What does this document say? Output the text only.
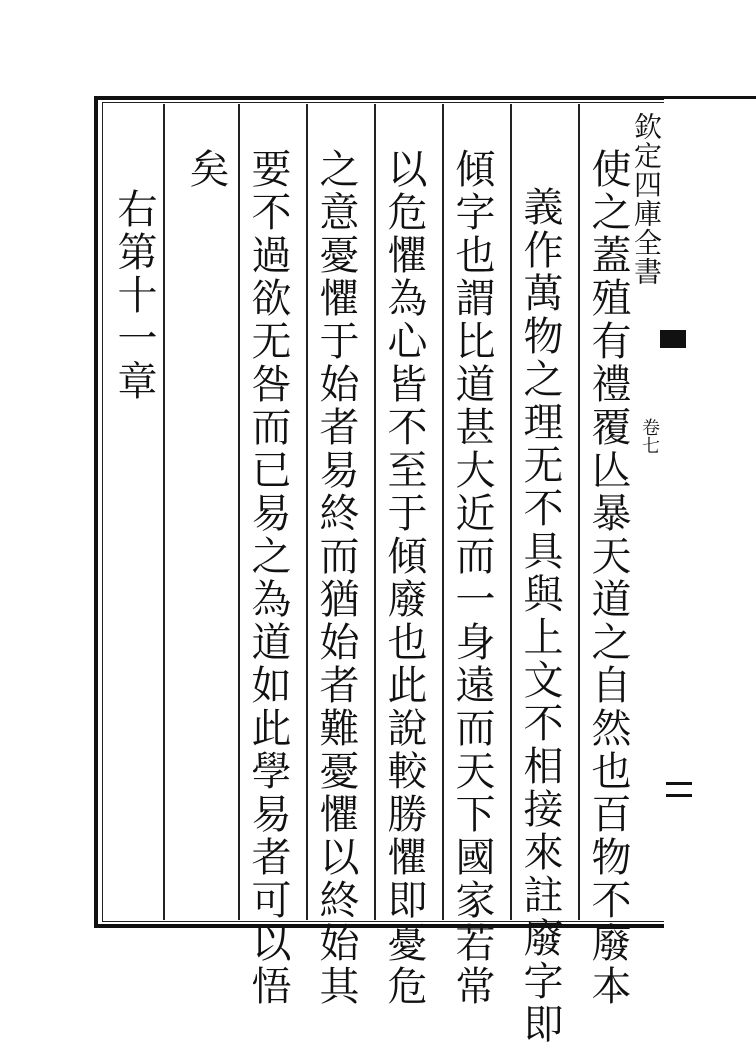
欽定四庫全書
卷七
使之蓋殖有禮覆亾暴天道之自然也百物不廢本
義作萬物之理无不具與上文不相接來註廢字即
傾字也謂比道甚大近而一身遠而天下國家若常
以危懼為心皆不至于傾廢也此說較勝懼即憂危
之意憂懼于始者易終而猶始者難憂懼以終始其
要不過欲无咎而已易之為道如此學易者可以悟
矣
右第十一章
